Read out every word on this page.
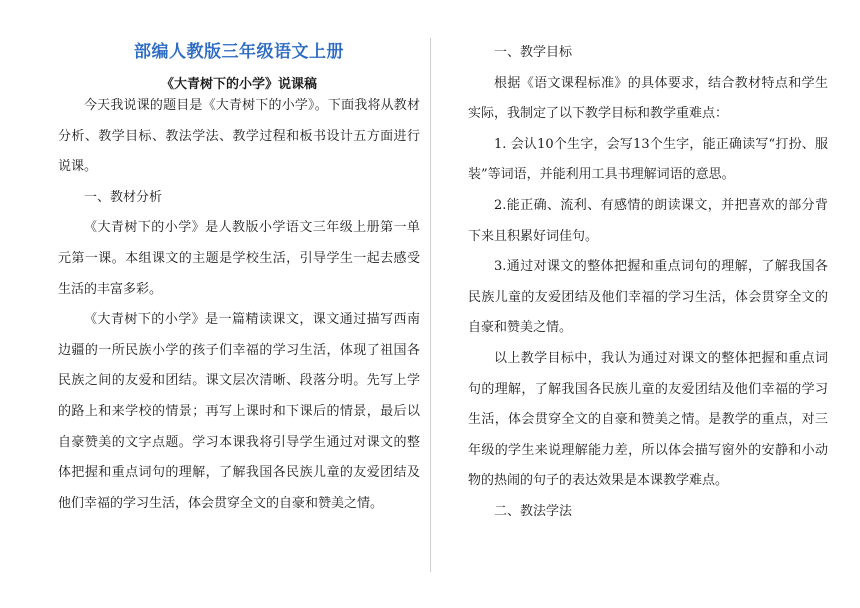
部编人教版三年级语文上册
《大青树下的小学》说课稿

今天我说课的题目是《大青树下的小学》。下面我将从教材分析、教学目标、教法学法、教学过程和板书设计五方面进行说课。

一、教材分析

《大青树下的小学》是人教版小学语文三年级上册第一单元第一课。本组课文的主题是学校生活，引导学生一起去感受生活的丰富多彩。

《大青树下的小学》是一篇精读课文，课文通过描写西南边疆的一所民族小学的孩子们幸福的学习生活，体现了祖国各民族之间的友爱和团结。课文层次清晰、段落分明。先写上学的路上和来学校的情景；再写上课时和下课后的情景，最后以自豪赞美的文字点题。学习本课我将引导学生通过对课文的整体把握和重点词句的理解，了解我国各民族儿童的友爱团结及他们幸福的学习生活，体会贯穿全文的自豪和赞美之情。

一、教学目标

根据《语文课程标准》的具体要求，结合教材特点和学生实际，我制定了以下教学目标和教学重难点：

1. 会认10个生字，会写13个生字，能正确读写“打扮、服装”等词语，并能利用工具书理解词语的意思。

2.能正确、流利、有感情的朗读课文，并把喜欢的部分背下来且积累好词佳句。

3.通过对课文的整体把握和重点词句的理解，了解我国各民族儿童的友爱团结及他们幸福的学习生活，体会贯穿全文的自豪和赞美之情。

以上教学目标中，我认为通过对课文的整体把握和重点词句的理解，了解我国各民族儿童的友爱团结及他们幸福的学习生活，体会贯穿全文的自豪和赞美之情。是教学的重点，对三年级的学生来说理解能力差，所以体会描写窗外的安静和小动物的热闹的句子的表达效果是本课教学难点。

二、教法学法
